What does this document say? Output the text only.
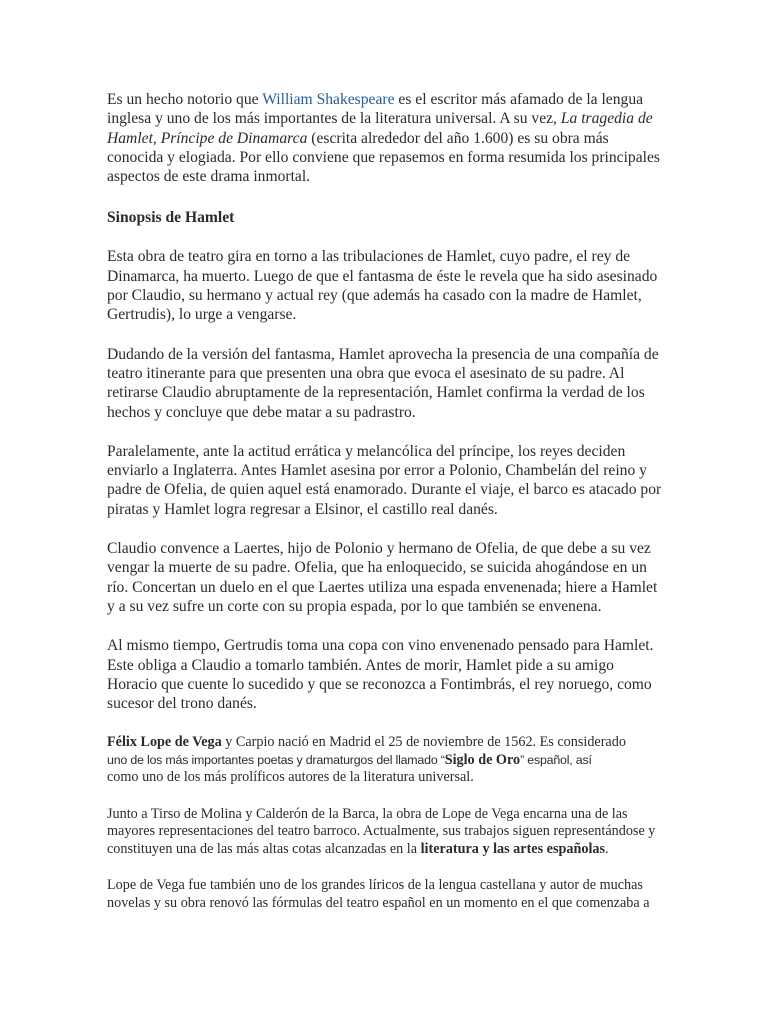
Es un hecho notorio que William Shakespeare es el escritor más afamado de la lengua inglesa y uno de los más importantes de la literatura universal. A su vez, La tragedia de Hamlet, Príncipe de Dinamarca (escrita alrededor del año 1.600) es su obra más conocida y elogiada. Por ello conviene que repasemos en forma resumida los principales aspectos de este drama inmortal.

Sinopsis de Hamlet

Esta obra de teatro gira en torno a las tribulaciones de Hamlet, cuyo padre, el rey de Dinamarca, ha muerto. Luego de que el fantasma de éste le revela que ha sido asesinado por Claudio, su hermano y actual rey (que además ha casado con la madre de Hamlet, Gertrudis), lo urge a vengarse.

Dudando de la versión del fantasma, Hamlet aprovecha la presencia de una compañía de teatro itinerante para que presenten una obra que evoca el asesinato de su padre. Al retirarse Claudio abruptamente de la representación, Hamlet confirma la verdad de los hechos y concluye que debe matar a su padrastro.

Paralelamente, ante la actitud errática y melancólica del príncipe, los reyes deciden enviarlo a Inglaterra. Antes Hamlet asesina por error a Polonio, Chambelán del reino y padre de Ofelia, de quien aquel está enamorado. Durante el viaje, el barco es atacado por piratas y Hamlet logra regresar a Elsinor, el castillo real danés.

Claudio convence a Laertes, hijo de Polonio y hermano de Ofelia, de que debe a su vez vengar la muerte de su padre. Ofelia, que ha enloquecido, se suicida ahogándose en un río. Concertan un duelo en el que Laertes utiliza una espada envenenada; hiere a Hamlet y a su vez sufre un corte con su propia espada, por lo que también se envenena.

Al mismo tiempo, Gertrudis toma una copa con vino envenenado pensado para Hamlet. Este obliga a Claudio a tomarlo también. Antes de morir, Hamlet pide a su amigo Horacio que cuente lo sucedido y que se reconozca a Fontimbrás, el rey noruego, como sucesor del trono danés.

Félix Lope de Vega y Carpio nació en Madrid el 25 de noviembre de 1562. Es considerado
uno de los más importantes poetas y dramaturgos del llamado “Siglo de Oro” español, así
como uno de los más prolíficos autores de la literatura universal.

Junto a Tirso de Molina y Calderón de la Barca, la obra de Lope de Vega encarna una de las mayores representaciones del teatro barroco. Actualmente, sus trabajos siguen representándose y constituyen una de las más altas cotas alcanzadas en la literatura y las artes españolas.

Lope de Vega fue también uno de los grandes líricos de la lengua castellana y autor de muchas novelas y su obra renovó las fórmulas del teatro español en un momento en el que comenzaba a
